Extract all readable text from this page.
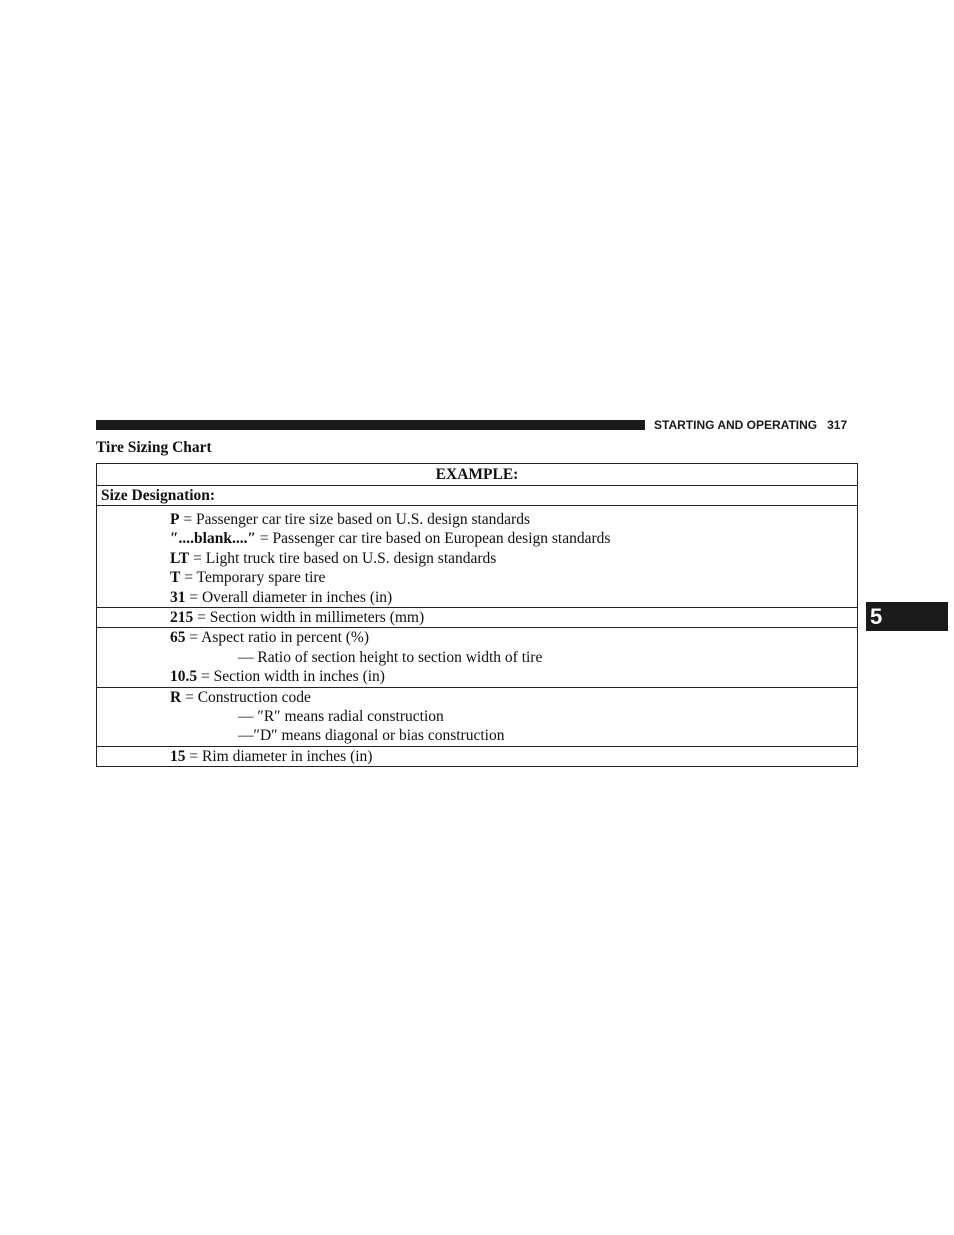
STARTING AND OPERATING 317
Tire Sizing Chart
EXAMPLE:
Size Designation:
P = Passenger car tire size based on U.S. design standards
″....blank....″ = Passenger car tire based on European design standards
LT = Light truck tire based on U.S. design standards
T = Temporary spare tire
31 = Overall diameter in inches (in)
215 = Section width in millimeters (mm)
65 = Aspect ratio in percent (%)
— Ratio of section height to section width of tire
10.5 = Section width in inches (in)
R = Construction code
— ″R″ means radial construction
—″D″ means diagonal or bias construction
15 = Rim diameter in inches (in)
5
